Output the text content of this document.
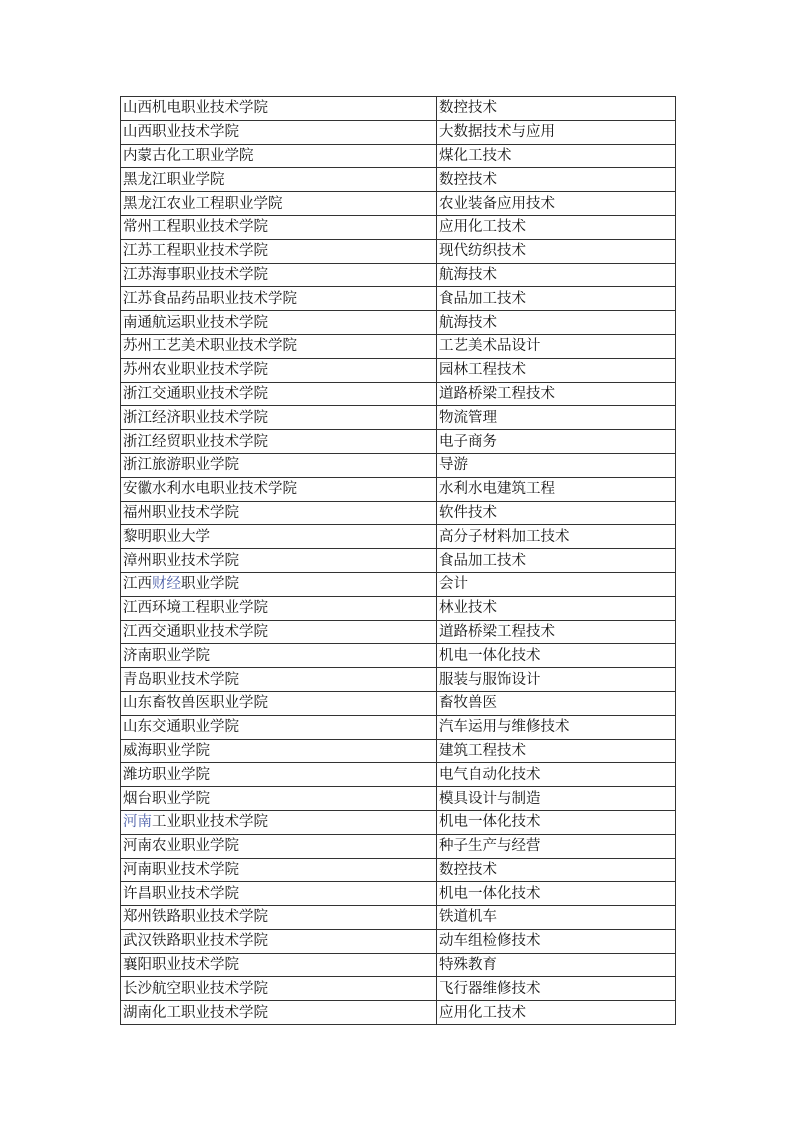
山西机电职业技术学院	数控技术
山西职业技术学院	大数据技术与应用
内蒙古化工职业学院	煤化工技术
黑龙江职业学院	数控技术
黑龙江农业工程职业学院	农业装备应用技术
常州工程职业技术学院	应用化工技术
江苏工程职业技术学院	现代纺织技术
江苏海事职业技术学院	航海技术
江苏食品药品职业技术学院	食品加工技术
南通航运职业技术学院	航海技术
苏州工艺美术职业技术学院	工艺美术品设计
苏州农业职业技术学院	园林工程技术
浙江交通职业技术学院	道路桥梁工程技术
浙江经济职业技术学院	物流管理
浙江经贸职业技术学院	电子商务
浙江旅游职业学院	导游
安徽水利水电职业技术学院	水利水电建筑工程
福州职业技术学院	软件技术
黎明职业大学	高分子材料加工技术
漳州职业技术学院	食品加工技术
江西财经职业学院	会计
江西环境工程职业学院	林业技术
江西交通职业技术学院	道路桥梁工程技术
济南职业学院	机电一体化技术
青岛职业技术学院	服装与服饰设计
山东畜牧兽医职业学院	畜牧兽医
山东交通职业学院	汽车运用与维修技术
威海职业学院	建筑工程技术
潍坊职业学院	电气自动化技术
烟台职业学院	模具设计与制造
河南工业职业技术学院	机电一体化技术
河南农业职业学院	种子生产与经营
河南职业技术学院	数控技术
许昌职业技术学院	机电一体化技术
郑州铁路职业技术学院	铁道机车
武汉铁路职业技术学院	动车组检修技术
襄阳职业技术学院	特殊教育
长沙航空职业技术学院	飞行器维修技术
湖南化工职业技术学院	应用化工技术
